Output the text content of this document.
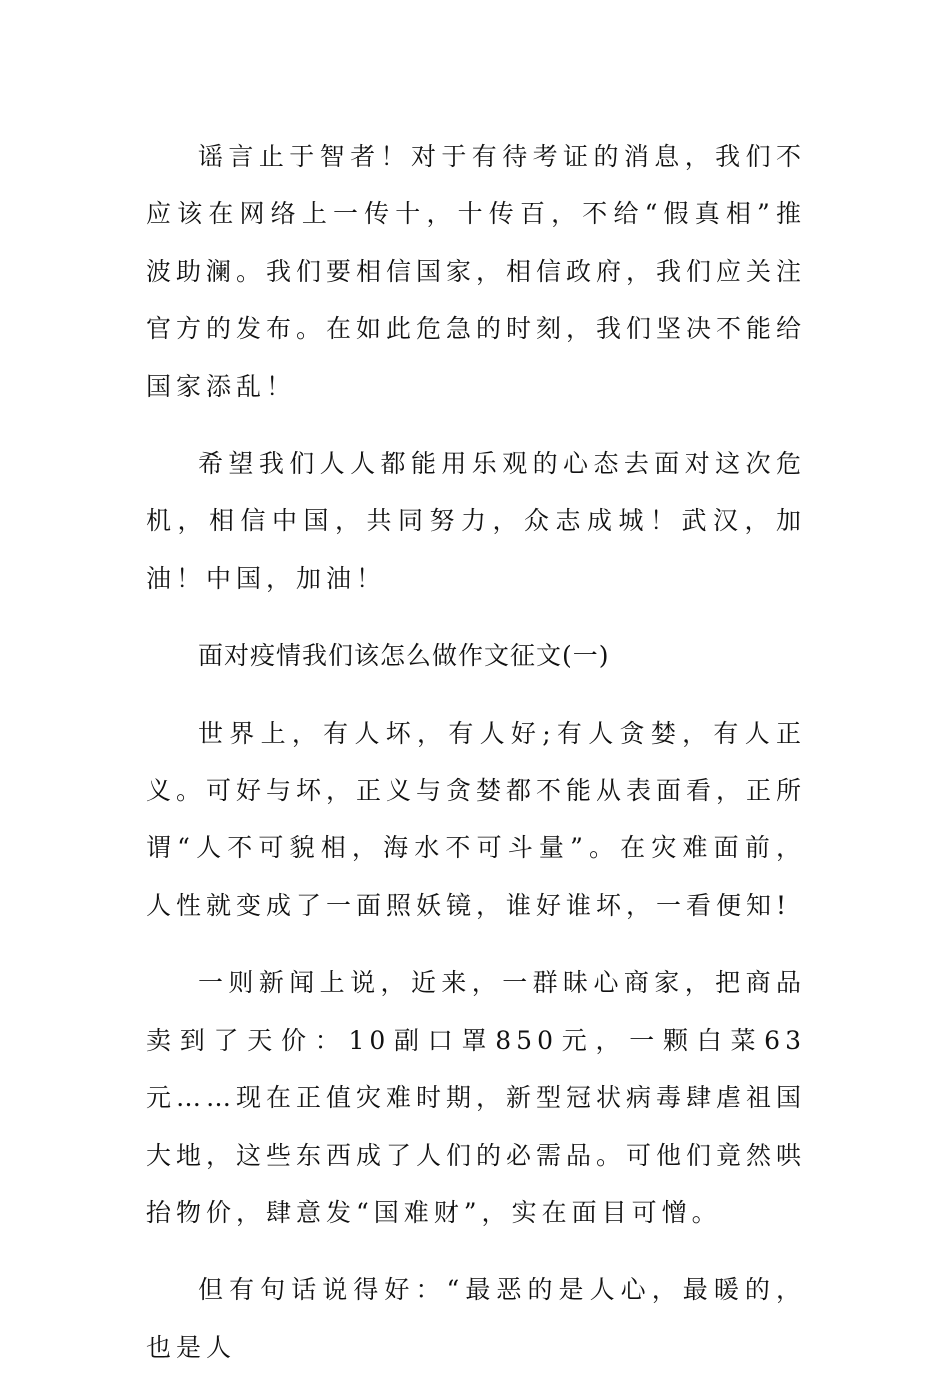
谣言止于智者！对于有待考证的消息，我们不应该在网络上一传十，十传百，不给“假真相”推波助澜。我们要相信国家，相信政府，我们应关注官方的发布。在如此危急的时刻，我们坚决不能给国家添乱！

希望我们人人都能用乐观的心态去面对这次危机，相信中国，共同努力，众志成城！武汉，加油！中国，加油！

面对疫情我们该怎么做作文征文(一)

世界上，有人坏，有人好;有人贪婪，有人正义。可好与坏，正义与贪婪都不能从表面看，正所谓“人不可貌相，海水不可斗量”。在灾难面前，人性就变成了一面照妖镜，谁好谁坏，一看便知!

一则新闻上说，近来，一群昧心商家，把商品卖到了天价：10副口罩850元，一颗白菜63元……现在正值灾难时期，新型冠状病毒肆虐祖国大地，这些东西成了人们的必需品。可他们竟然哄抬物价，肆意发“国难财”，实在面目可憎。

但有句话说得好：“最恶的是人心，最暖的，也是人
